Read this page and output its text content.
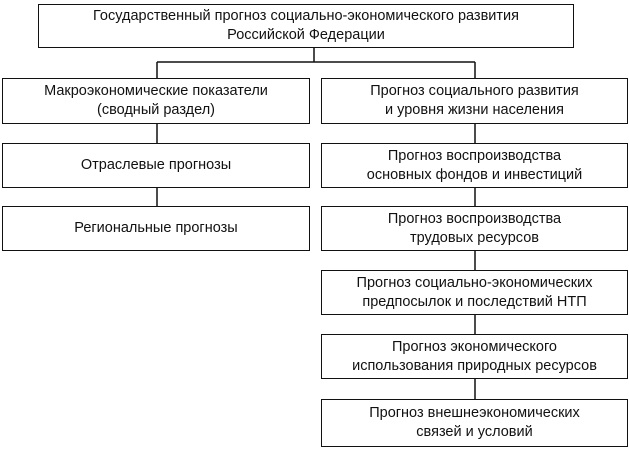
Государственный прогноз социально-экономического развития
Российской Федерации
Макроэкономические показатели
(сводный раздел)
Отраслевые прогнозы
Региональные прогнозы
Прогноз социального развития
и уровня жизни населения
Прогноз воспроизводства
основных фондов и инвестиций
Прогноз воспроизводства
трудовых ресурсов
Прогноз социально-экономических
предпосылок и последствий НТП
Прогноз экономического
использования природных ресурсов
Прогноз внешнеэкономических
связей и условий
